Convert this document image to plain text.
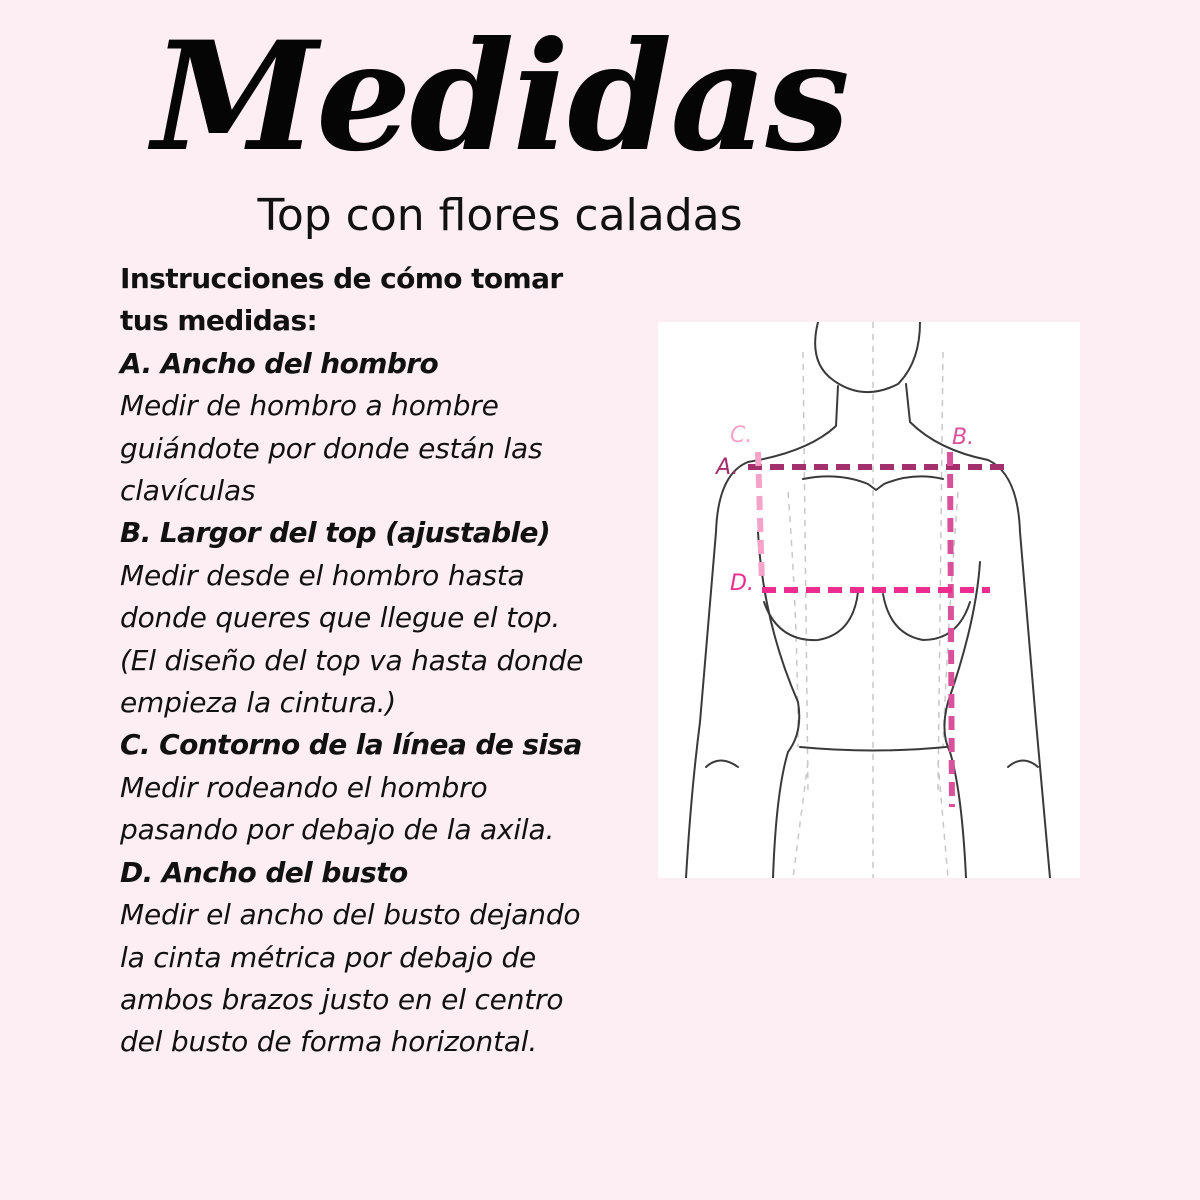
Medidas
Top con flores caladas
Instrucciones de cómo tomar
tus medidas:
A. Ancho del hombro
Medir de hombro a hombre
guiándote por donde están las
clavículas
B. Largor del top (ajustable)
Medir desde el hombro hasta
donde queres que llegue el top.
(El diseño del top va hasta donde
empieza la cintura.)
C. Contorno de la línea de sisa
Medir rodeando el hombro
pasando por debajo de la axila.
D. Ancho del busto
Medir el ancho del busto dejando
la cinta métrica por debajo de
ambos brazos justo en el centro
del busto de forma horizontal.
C.	B.
A.
D.
